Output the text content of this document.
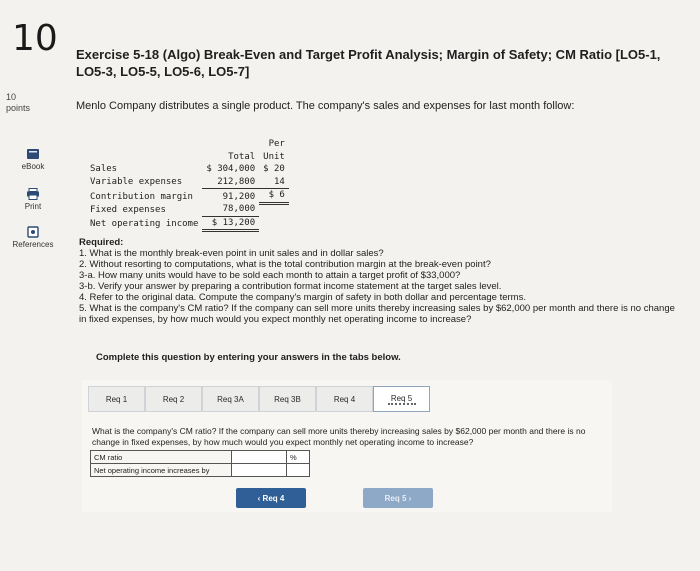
10
10
points
eBook
Print
References
Exercise 5-18 (Algo) Break-Even and Target Profit Analysis; Margin of Safety; CM Ratio [LO5-1, LO5-3, LO5-5, LO5-6, LO5-7]
Menlo Company distributes a single product. The company's sales and expenses for last month follow:
		Per
	Total	Unit
Sales	$ 304,000	$ 20
Variable expenses	212,800	14
Contribution margin	91,200	$ 6
Fixed expenses	78,000	
Net operating income	$ 13,200	
Required:
1. What is the monthly break-even point in unit sales and in dollar sales?
2. Without resorting to computations, what is the total contribution margin at the break-even point?
3-a. How many units would have to be sold each month to attain a target profit of $33,000?
3-b. Verify your answer by preparing a contribution format income statement at the target sales level.
4. Refer to the original data. Compute the company's margin of safety in both dollar and percentage terms.
5. What is the company's CM ratio? If the company can sell more units thereby increasing sales by $62,000 per month and there is no change in fixed expenses, by how much would you expect monthly net operating income to increase?
Complete this question by entering your answers in the tabs below.
Req 1	Req 2	Req 3A	Req 3B	Req 4	Req 5
What is the company's CM ratio? If the company can sell more units thereby increasing sales by $62,000 per month and there is no change in fixed expenses, by how much would you expect monthly net operating income to increase?
CM ratio		%
Net operating income increases by		
‹ Req 4	Req 5 ›
